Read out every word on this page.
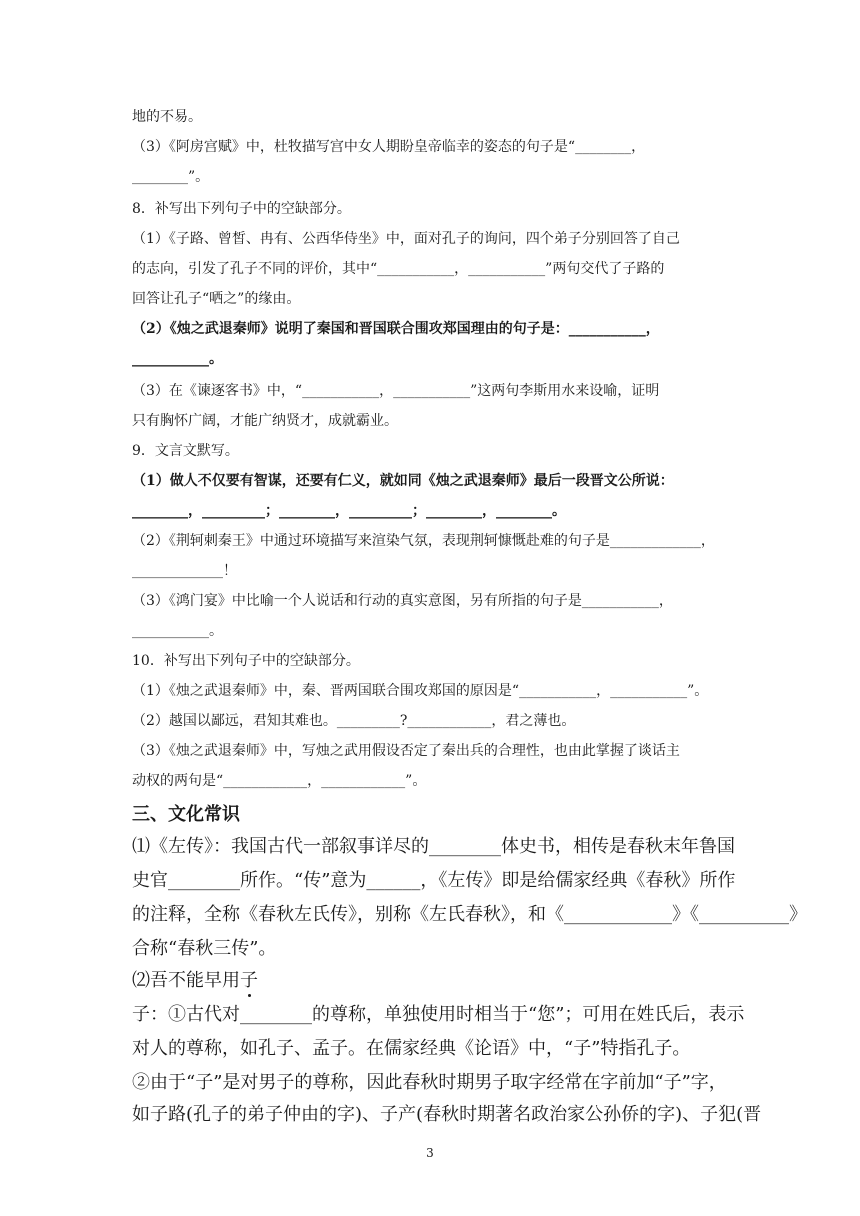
地的不易。
（3）《阿房宫赋》中，杜牧描写宫中女人期盼皇帝临幸的姿态的句子是“________，
________”。
8．补写出下列句子中的空缺部分。
（1）《子路、曾皙、冉有、公西华侍坐》中，面对孔子的询问，四个弟子分别回答了自己
的志向，引发了孔子不同的评价，其中“___________，___________”两句交代了子路的
回答让孔子“哂之”的缘由。
（2）《烛之武退秦师》说明了秦国和晋国联合围攻郑国理由的句子是：___________，
___________。
（3）在《谏逐客书》中，“___________，___________”这两句李斯用水来设喻，证明
只有胸怀广阔，才能广纳贤才，成就霸业。
9．文言文默写。
（1）做人不仅要有智谋，还要有仁义，就如同《烛之武退秦师》最后一段晋文公所说：
________，_________；________，_________；________，________。
（2）《荆轲刺秦王》中通过环境描写来渲染气氛，表现荆轲慷慨赴难的句子是_____________，
_____________！
（3）《鸿门宴》中比喻一个人说话和行动的真实意图，另有所指的句子是___________，
___________。
10．补写出下列句子中的空缺部分。
（1）《烛之武退秦师》中，秦、晋两国联合围攻郑国的原因是“___________，___________”。
（2）越国以鄙远，君知其难也。_________?____________，君之薄也。
（3）《烛之武退秦师》中，写烛之武用假设否定了秦出兵的合理性，也由此掌握了谈话主
动权的两句是“____________，____________”。
三、文化常识
⑴《左传》：我国古代一部叙事详尽的________体史书，相传是春秋末年鲁国
史官________所作。“传”意为______，《左传》即是给儒家经典《春秋》所作
的注释，全称《春秋左氏传》，别称《左氏春秋》，和《____________》《__________》
合称“春秋三传”。
⑵吾不能早用子
子：①古代对________的尊称，单独使用时相当于“您”；可用在姓氏后，表示
对人的尊称，如孔子、孟子。在儒家经典《论语》中，“子”特指孔子。
②由于“子”是对男子的尊称，因此春秋时期男子取字经常在字前加“子”字，
如子路(孔子的弟子仲由的字)、子产(春秋时期著名政治家公孙侨的字)、子犯(晋
3
